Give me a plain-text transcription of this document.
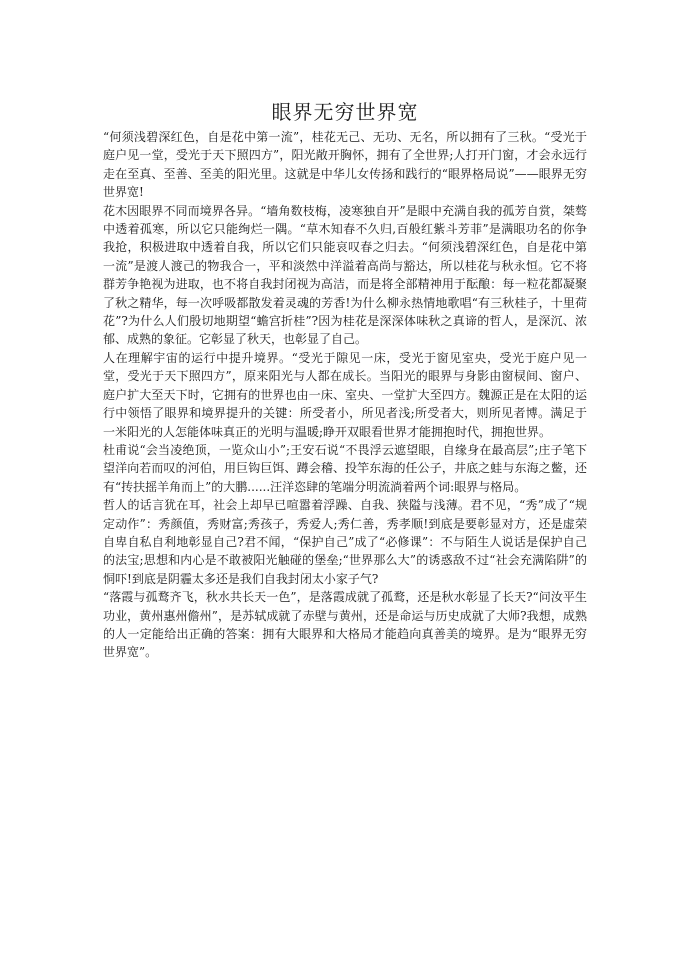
眼界无穷世界宽

“何须浅碧深红色，自是花中第一流”，桂花无己、无功、无名，所以拥有了三秋。“受光于庭户见一堂，受光于天下照四方”，阳光敞开胸怀，拥有了全世界;人打开门窗，才会永远行走在至真、至善、至美的阳光里。这就是中华儿女传扬和践行的“眼界格局说”——眼界无穷世界宽!

花木因眼界不同而境界各异。“墙角数枝梅，凌寒独自开”是眼中充满自我的孤芳自赏，桀骜中透着孤寒，所以它只能绚烂一隅。“草木知春不久归,百般红紫斗芳菲”是满眼功名的你争我抢，积极进取中透着自我，所以它们只能哀叹春之归去。“何须浅碧深红色，自是花中第一流”是渡人渡己的物我合一，平和淡然中洋溢着高尚与豁达，所以桂花与秋永恒。它不将群芳争艳视为进取，也不将自我封闭视为高洁，而是将全部精神用于酝酿：每一粒花都凝聚了秋之精华，每一次呼吸都散发着灵魂的芳香!为什么柳永热情地歌唱“有三秋桂子，十里荷花”?为什么人们殷切地期望“蟾宫折桂”?因为桂花是深深体味秋之真谛的哲人，是深沉、浓郁、成熟的象征。它彰显了秋天，也彰显了自己。

人在理解宇宙的运行中提升境界。“受光于隙见一床，受光于窗见室央，受光于庭户见一堂，受光于天下照四方”，原来阳光与人都在成长。当阳光的眼界与身影由窗棂间、窗户、庭户扩大至天下时，它拥有的世界也由一床、室央、一堂扩大至四方。魏源正是在太阳的运行中领悟了眼界和境界提升的关键：所受者小，所见者浅;所受者大，则所见者博。满足于一米阳光的人怎能体味真正的光明与温暖;睁开双眼看世界才能拥抱时代，拥抱世界。

杜甫说“会当凌绝顶，一览众山小”;王安石说“不畏浮云遮望眼，自缘身在最高层”;庄子笔下望洋向若而叹的河伯，用巨钩巨饵、蹲会稽、投竿东海的任公子，井底之蛙与东海之鳖，还有“抟扶摇羊角而上”的大鹏......汪洋恣肆的笔端分明流淌着两个词:眼界与格局。

哲人的话言犹在耳，社会上却早已喧嚣着浮躁、自我、狭隘与浅薄。君不见，“秀”成了“规定动作”：秀颜值，秀财富;秀孩子，秀爱人;秀仁善，秀孝顺!到底是要彰显对方，还是虚荣自卑自私自利地彰显自己?君不闻，“保护自己”成了“必修课”：不与陌生人说话是保护自己的法宝;思想和内心是不敢被阳光触碰的堡垒;“世界那么大”的诱惑敌不过“社会充满陷阱”的恫吓!到底是阴霾太多还是我们自我封闭太小家子气?

“落霞与孤鹜齐飞，秋水共长天一色”，是落霞成就了孤鹜，还是秋水彰显了长天?“问汝平生功业，黄州惠州儋州”，是苏轼成就了赤壁与黄州，还是命运与历史成就了大师?我想，成熟的人一定能给出正确的答案：拥有大眼界和大格局才能趋向真善美的境界。是为“眼界无穷世界宽”。
